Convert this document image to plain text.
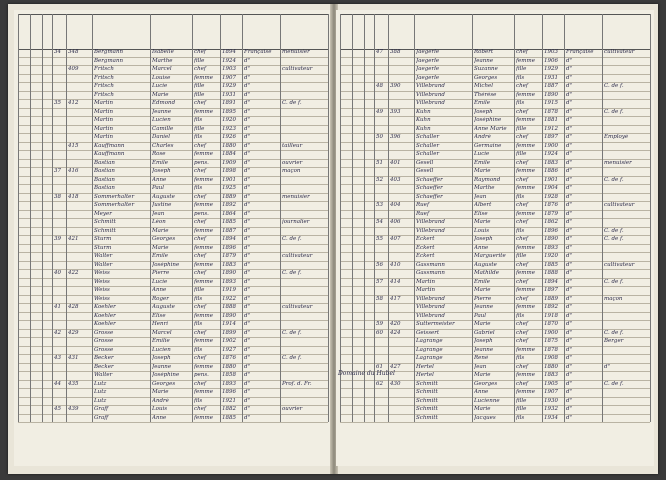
34	348	Bergmann	Isabelle	chef	1894	Française	menuisier
Bergmann	Marthe	fille	1924	d°
409	Fritsch	Marcel	chef	1903	d°	cultivateur
Fritsch	Louise	femme	1907	d°
Fritsch	Lucie	fille	1929	d°
Fritsch	Marie	fille	1931	d°
35	412	Martin	Edmond	chef	1891	d°	C. de f.
Martin	Jeanne	femme	1895	d°
Martin	Lucien	fils	1920	d°
Martin	Camille	fille	1923	d°
Martin	Daniel	fils	1926	d°
415	Kauffmann	Charles	chef	1880	d°	tailleur
Kauffmann	Rose	femme	1884	d°
Bastian	Émile	pens.	1909	d°	ouvrier
37	416	Bastian	Joseph	chef	1898	d°	maçon
Bastian	Anne	femme	1901	d°
Bastian	Paul	fils	1925	d°
38	418	Sommerhalter	Auguste	chef	1889	d°	menuisier
Sommerhalter	Justine	femme	1892	d°
Meyer	Jean	pens.	1864	d°
Schmitt	Léon	chef	1885	d°	journalier
Schmitt	Marie	femme	1887	d°
39	421	Sturm	Georges	chef	1894	d°	C. de f.
Sturm	Marie	femme	1896	d°
Walter	Émile	chef	1879	d°	cultivateur
Walter	Joséphine	femme	1883	d°
40	422	Weiss	Pierre	chef	1890	d°	C. de f.
Weiss	Lucie	femme	1893	d°
Weiss	Anne	fille	1919	d°
Weiss	Roger	fils	1922	d°
41	428	Koehler	Auguste	chef	1888	d°	cultivateur
Koehler	Élise	femme	1890	d°
Koehler	Henri	fils	1914	d°
42	429	Grosse	Marcel	chef	1899	d°	C. de f.
Grosse	Émilie	femme	1902	d°
Grosse	Lucien	fils	1927	d°
43	431	Becker	Joseph	chef	1876	d°	C. de f.
Becker	Jeanne	femme	1880	d°
Walter	Joséphine	pens.	1858	d°
44	435	Lutz	Georges	chef	1893	d°	Prof. d. Fr.
Lutz	Marie	femme	1896	d°
Lutz	André	fils	1921	d°
45	439	Graff	Louis	chef	1882	d°	ouvrier
Graff	Anne	femme	1885	d°
47	388	Jaegerle	Robert	chef	1903	Française	cultivateur
Jaegerle	Jeanne	femme	1906	d°
Jaegerle	Suzanne	fille	1929	d°
Jaegerle	Georges	fils	1931	d°
48	390	Villebrand	Michel	chef	1887	d°	C. de f.
Villebrand	Thérèse	femme	1890	d°
Villebrand	Émile	fils	1915	d°
49	393	Kuhn	Joseph	chef	1878	d°	C. de f.
Kuhn	Joséphine	femme	1881	d°
Kuhn	Anne Marie	fille	1912	d°
50	396	Schaller	André	chef	1897	d°	Employé
Schaller	Germaine	femme	1900	d°
Schaller	Lucie	fille	1924	d°
51	401	Gesell	Émile	chef	1883	d°	menuisier
Gesell	Marie	femme	1886	d°
52	403	Schaeffer	Raymond	chef	1901	d°	C. de f.
Schaeffer	Marthe	femme	1904	d°
Schaeffer	Jean	fils	1928	d°
53	404	Ruef	Albert	chef	1876	d°	cultivateur
Ruef	Élise	femme	1879	d°
54	406	Villebrand	Marie	chef	1862	d°
Villebrand	Louis	fils	1896	d°	C. de f.
55	407	Eckert	Joseph	chef	1890	d°	C. de f.
Eckert	Anne	femme	1893	d°
Eckert	Marguerite	fille	1920	d°
56	410	Gassmann	Auguste	chef	1885	d°	cultivateur
Gassmann	Mathilde	femme	1888	d°
57	414	Martin	Émile	chef	1894	d°	C. de f.
Martin	Marie	femme	1897	d°
58	417	Villebrand	Pierre	chef	1889	d°	maçon
Villebrand	Jeanne	femme	1892	d°
Villebrand	Paul	fils	1918	d°
59	420	Suttermeister	Marie	chef	1870	d°
60	424	Geissert	Gabriel	chef	1900	d°	C. de f.
Lagrange	Joseph	chef	1875	d°	Berger
Lagrange	Jeanne	femme	1878	d°
Lagrange	René	fils	1908	d°
61	427	Hertel	Jean	chef	1880	d°	d°
Hertel	Marie	femme	1883	d°
62	430	Schmitt	Georges	chef	1905	d°	C. de f.
Schmitt	Anne	femme	1907	d°
Schmitt	Lucienne	fille	1930	d°
Schmitt	Marie	fille	1932	d°
Schmitt	Jacques	fils	1934	d°
Domaine du Hubel
